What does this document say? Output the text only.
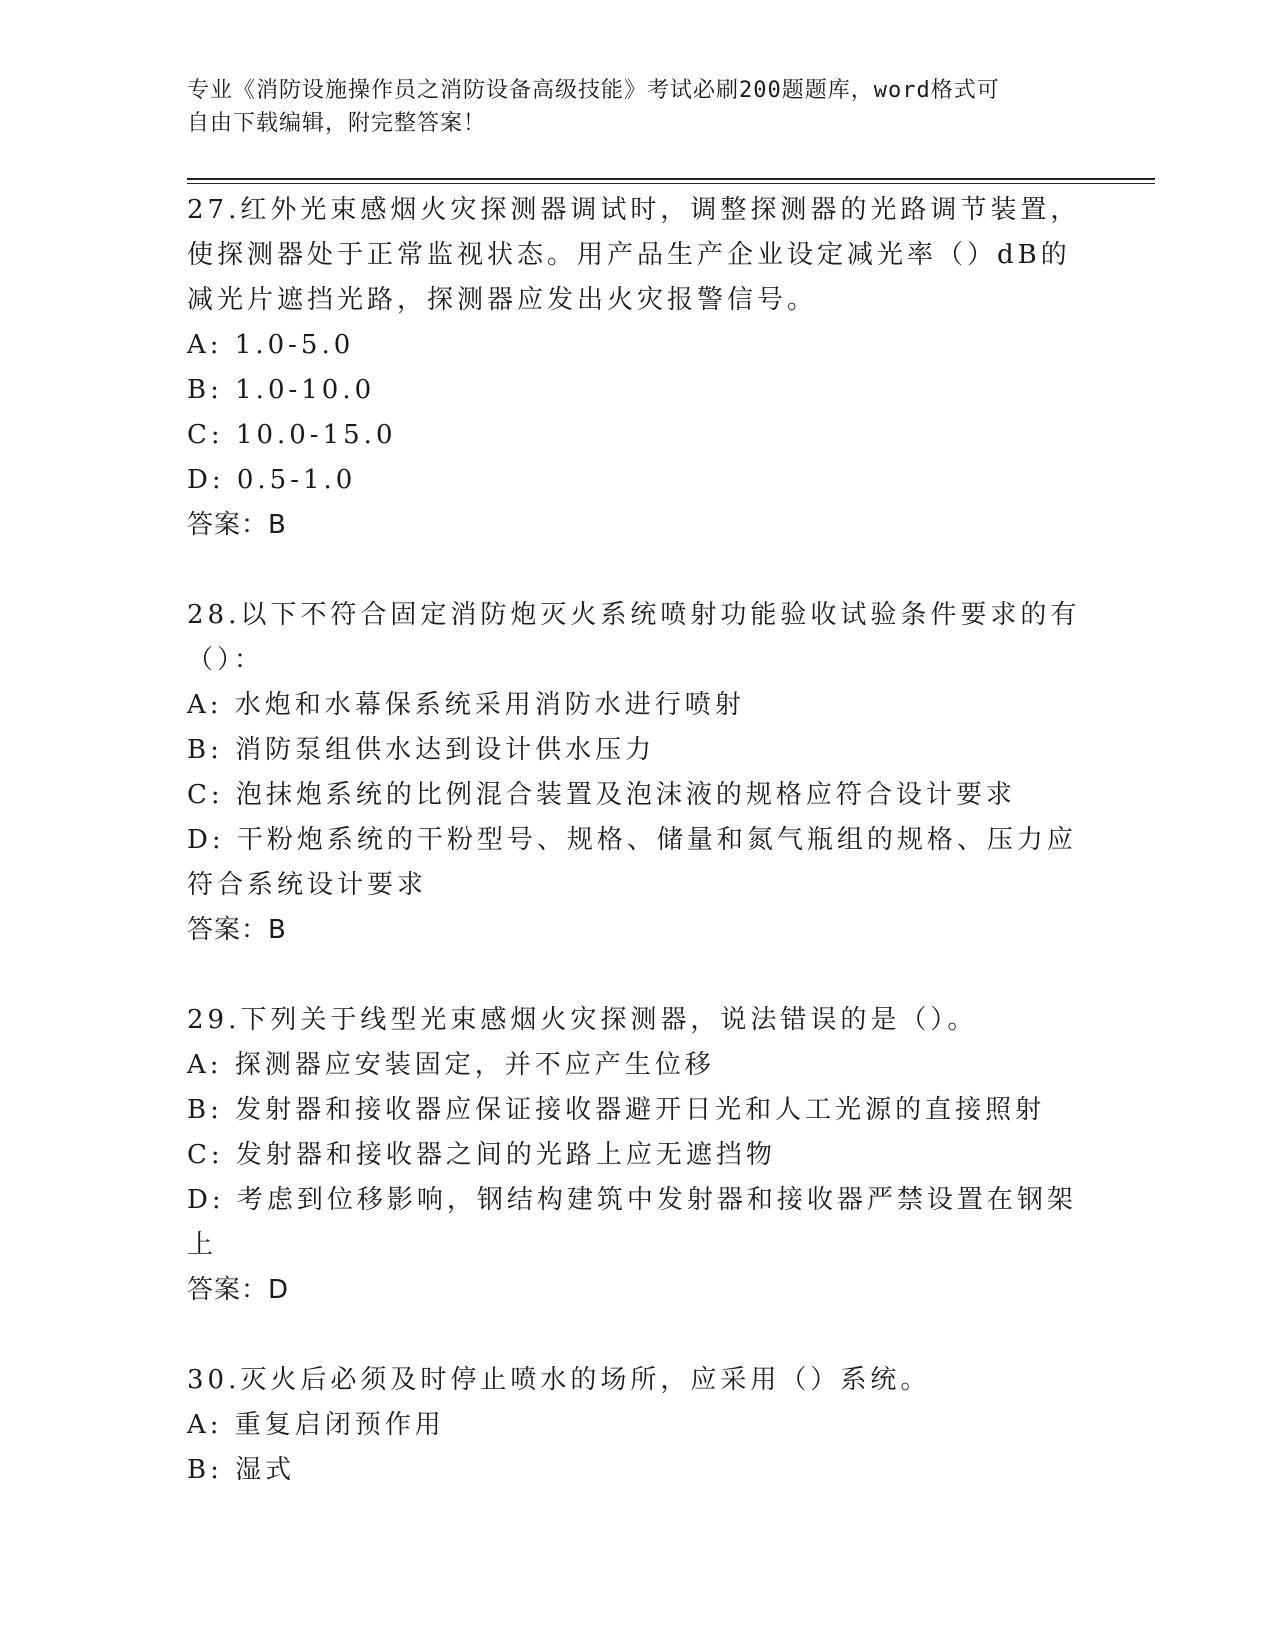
专业《消防设施操作员之消防设备高级技能》考试必刷200题题库，word格式可
自由下载编辑，附完整答案！

27.红外光束感烟火灾探测器调试时，调整探测器的光路调节装置，使探测器处于正常监视状态。用产品生产企业设定减光率（）dB的减光片遮挡光路，探测器应发出火灾报警信号。

A: 1.0-5.0

B: 1.0-10.0

C: 10.0-15.0

D: 0.5-1.0

答案：B

28.以下不符合固定消防炮灭火系统喷射功能验收试验条件要求的有（）：

A: 水炮和水幕保系统采用消防水进行喷射

B: 消防泵组供水达到设计供水压力

C: 泡抹炮系统的比例混合装置及泡沫液的规格应符合设计要求

D: 干粉炮系统的干粉型号、规格、储量和氮气瓶组的规格、压力应符合系统设计要求

答案：B

29.下列关于线型光束感烟火灾探测器，说法错误的是（）。

A: 探测器应安装固定，并不应产生位移

B: 发射器和接收器应保证接收器避开日光和人工光源的直接照射

C: 发射器和接收器之间的光路上应无遮挡物

D: 考虑到位移影响，钢结构建筑中发射器和接收器严禁设置在钢架上

答案：D

30.灭火后必须及时停止喷水的场所，应采用（）系统。

A: 重复启闭预作用

B: 湿式
